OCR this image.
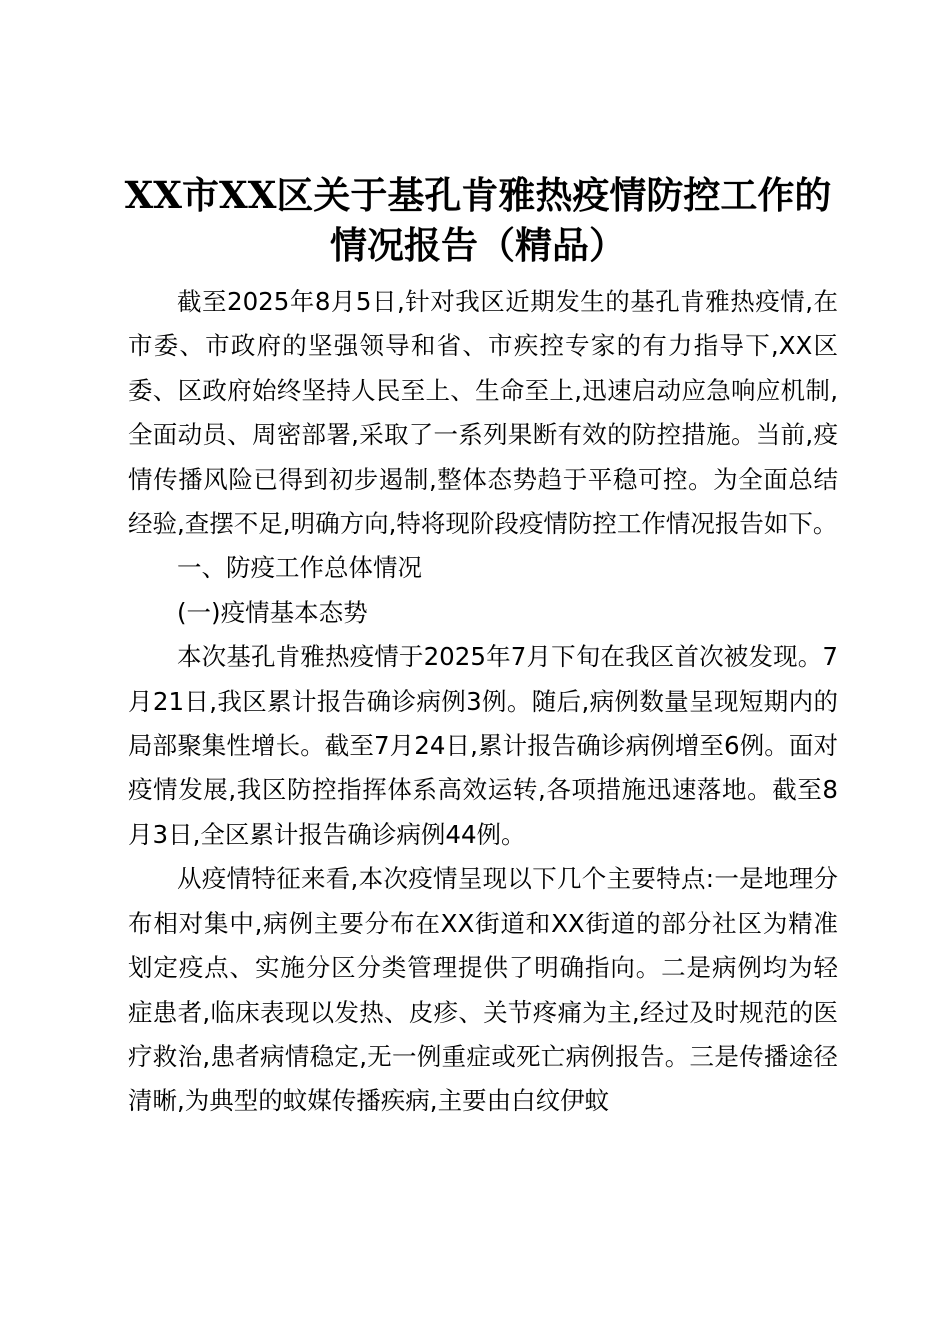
XX市XX区关于基孔肯雅热疫情防控工作的情况报告（精品）

截至2025年8月5日,针对我区近期发生的基孔肯雅热疫情,在市委、市政府的坚强领导和省、市疾控专家的有力指导下,XX区委、区政府始终坚持人民至上、生命至上,迅速启动应急响应机制,全面动员、周密部署,采取了一系列果断有效的防控措施。当前,疫情传播风险已得到初步遏制,整体态势趋于平稳可控。为全面总结经验,查摆不足,明确方向,特将现阶段疫情防控工作情况报告如下。

一、防疫工作总体情况

(一)疫情基本态势

本次基孔肯雅热疫情于2025年7月下旬在我区首次被发现。7月21日,我区累计报告确诊病例3例。随后,病例数量呈现短期内的局部聚集性增长。截至7月24日,累计报告确诊病例增至6例。面对疫情发展,我区防控指挥体系高效运转,各项措施迅速落地。截至8月3日,全区累计报告确诊病例44例。

从疫情特征来看,本次疫情呈现以下几个主要特点:一是地理分布相对集中,病例主要分布在XX街道和XX街道的部分社区为精准划定疫点、实施分区分类管理提供了明确指向。二是病例均为轻症患者,临床表现以发热、皮疹、关节疼痛为主,经过及时规范的医疗救治,患者病情稳定,无一例重症或死亡病例报告。三是传播途径清晰,为典型的蚊媒传播疾病,主要由白纹伊蚊
